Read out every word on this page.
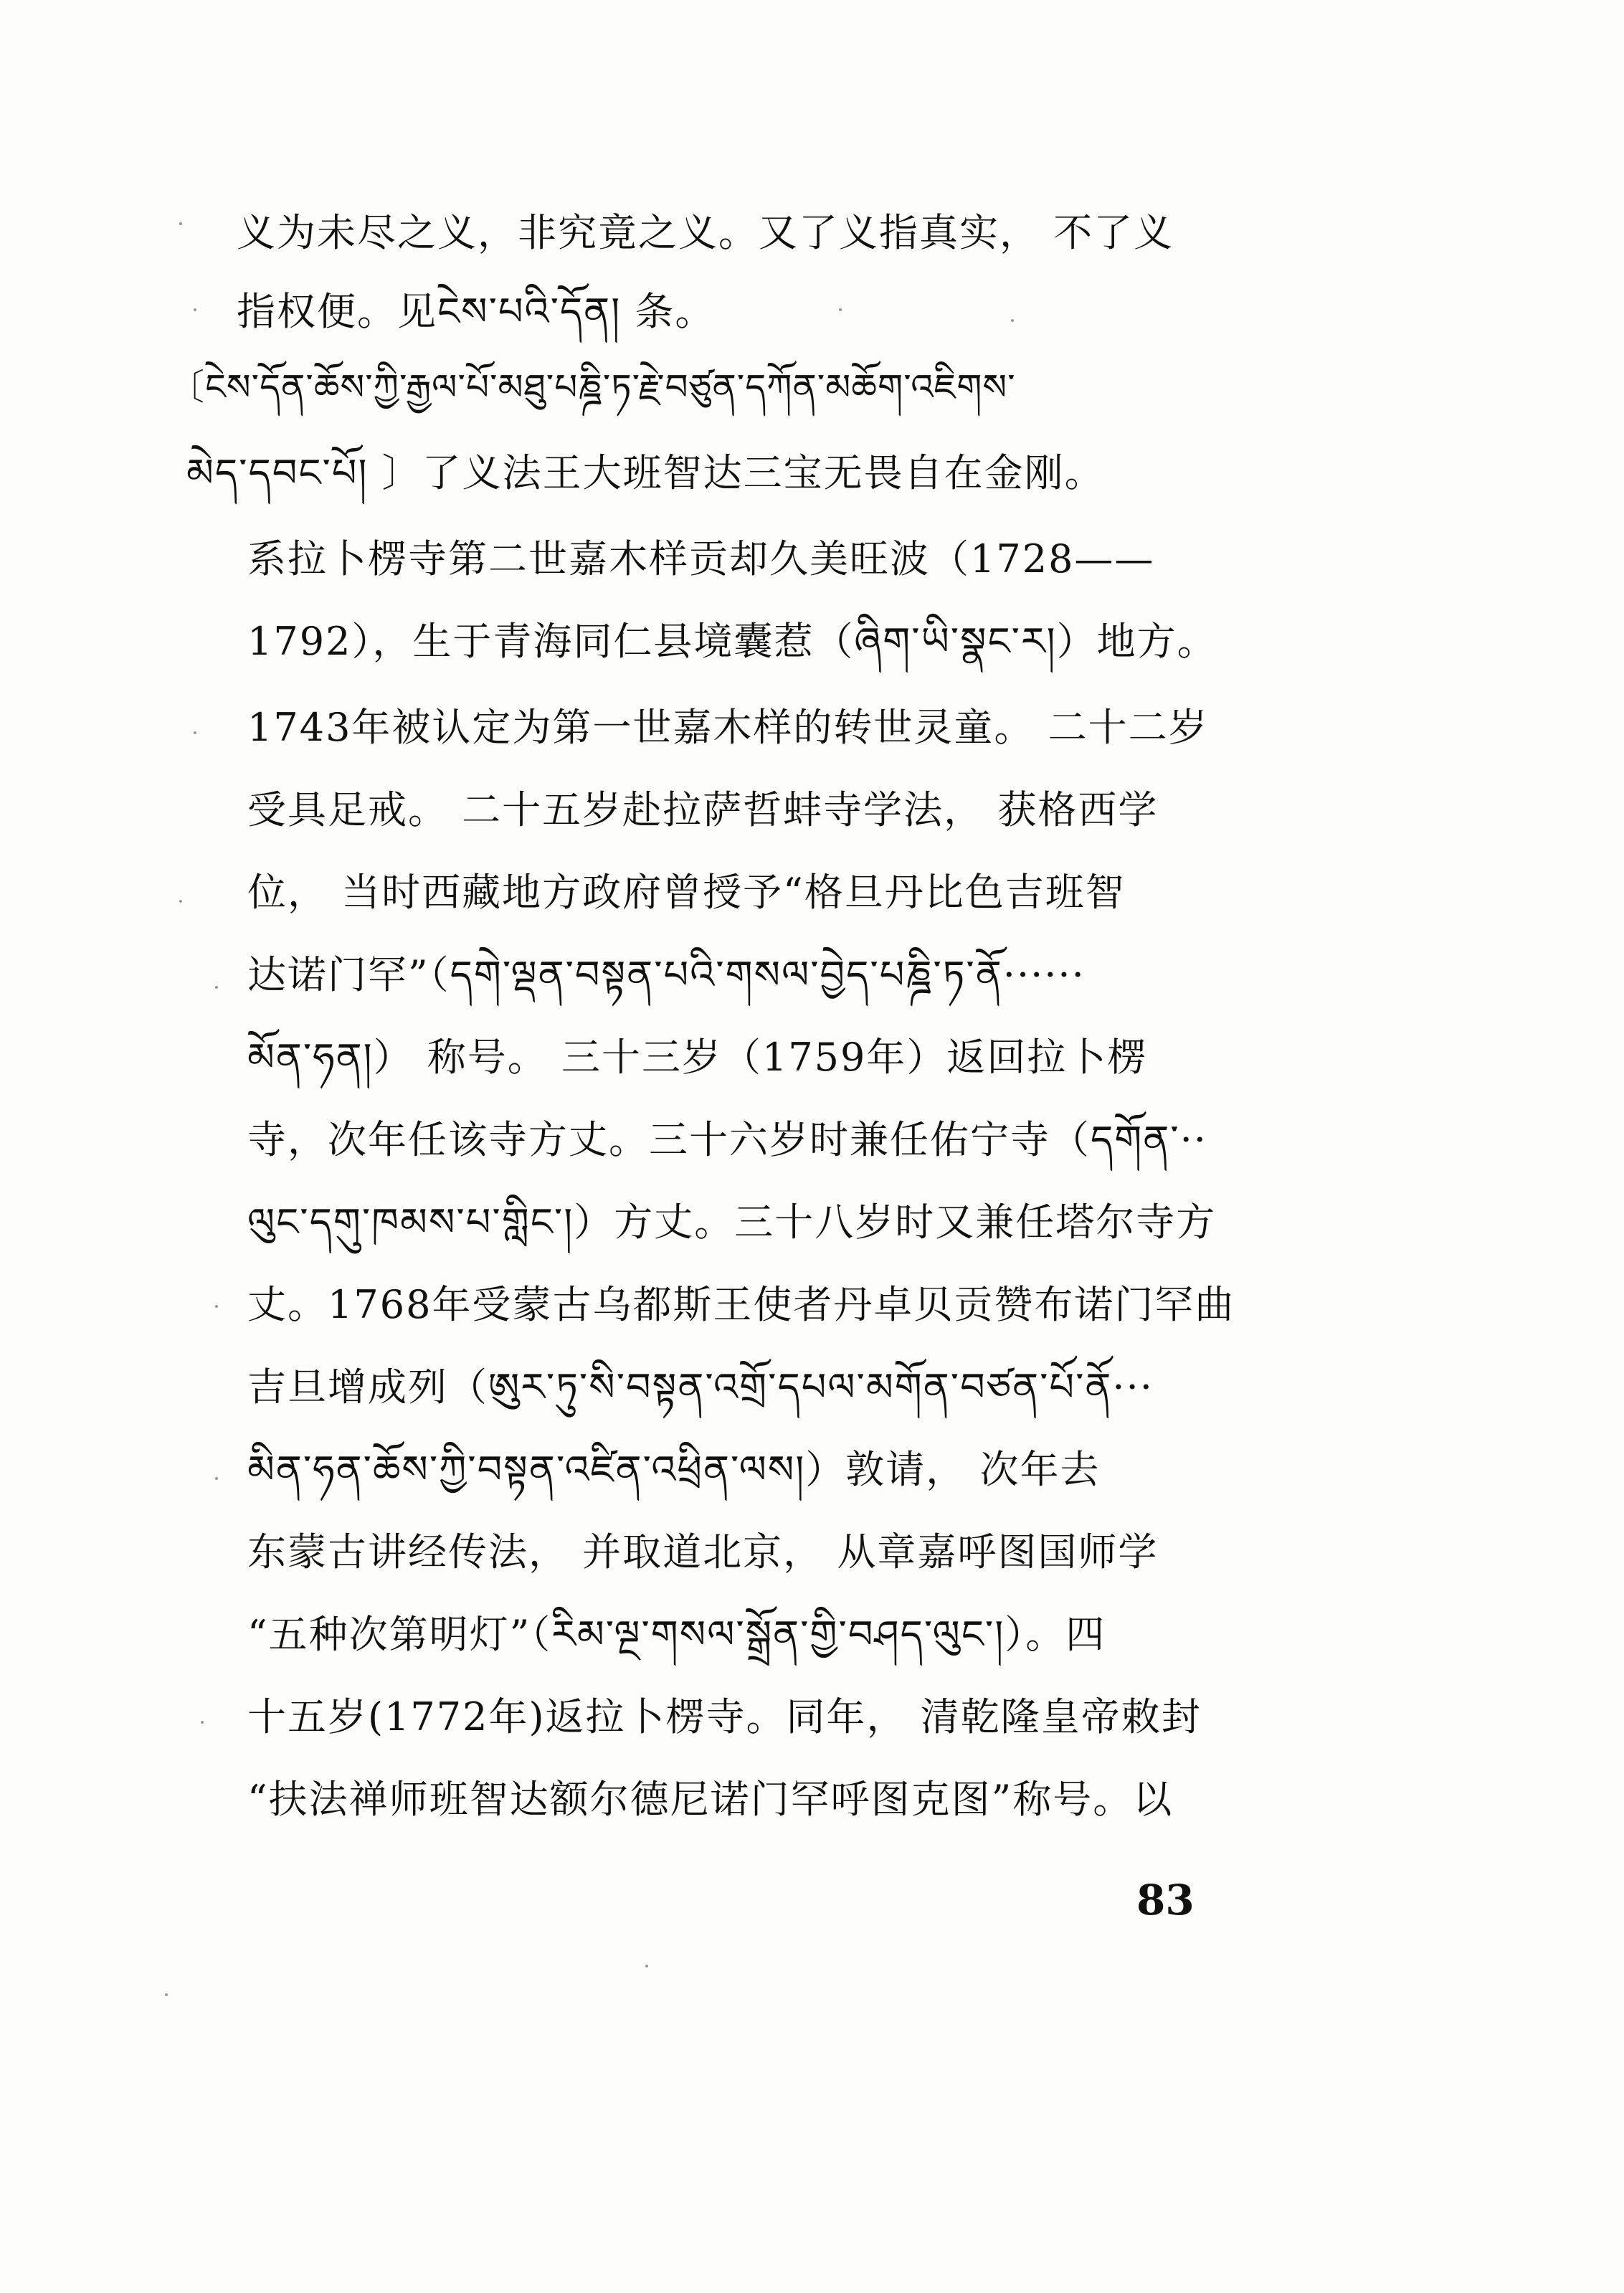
义为未尽之义，非究竟之义。又了义指真实， 不了义
指权便。见ངེས་པའི་དོན། 条。
〔ངེས་དོན་ཆོས་ཀྱི་རྒྱལ་པོ་མཐུ་པཎྜི་ཏ་རྗེ་བཙུན་དཀོན་མཆོག་འཇིགས་
མེད་དབང་པོ། 〕了义法王大班智达三宝无畏自在金刚。
系拉卜楞寺第二世嘉木样贡却久美旺波（1728——
1792），生于青海同仁县境囊惹（ཞིག་ཡི་སྣང་ར།）地方。
1743年被认定为第一世嘉木样的转世灵童。 二十二岁
受具足戒。 二十五岁赴拉萨哲蚌寺学法， 获格西学
位， 当时西藏地方政府曾授予“格旦丹比色吉班智
达诺门罕”（དགེ་ལྡན་བསྟན་པའི་གསལ་བྱེད་པཎྜི་ཏ་ནོ······
མོན་ཧན།） 称号。 三十三岁（1759年）返回拉卜楞
寺，次年任该寺方丈。三十六岁时兼任佑宁寺（དགོན་··
ལུང་དགུ་ཁམས་པ་གླིང་།）方丈。三十八岁时又兼任塔尔寺方
丈。1768年受蒙古乌都斯王使者丹卓贝贡赞布诺门罕曲
吉旦增成列（ཨུར་ཏུ་སི་བསྟན་འགྲོ་དཔལ་མགོན་བཙན་པོ་ནོ···
མིན་ཧན་ཆོས་ཀྱི་བསྟན་འཛིན་འཕྲིན་ལས།）敦请， 次年去
东蒙古讲经传法， 并取道北京， 从章嘉呼图国师学
“五种次第明灯”（རིམ་ལྔ་གསལ་སྒྲོན་གྱི་བཤད་ལུང་།）。四
十五岁(1772年)返拉卜楞寺。同年， 清乾隆皇帝敕封
“扶法禅师班智达额尔德尼诺门罕呼图克图”称号。以
83
